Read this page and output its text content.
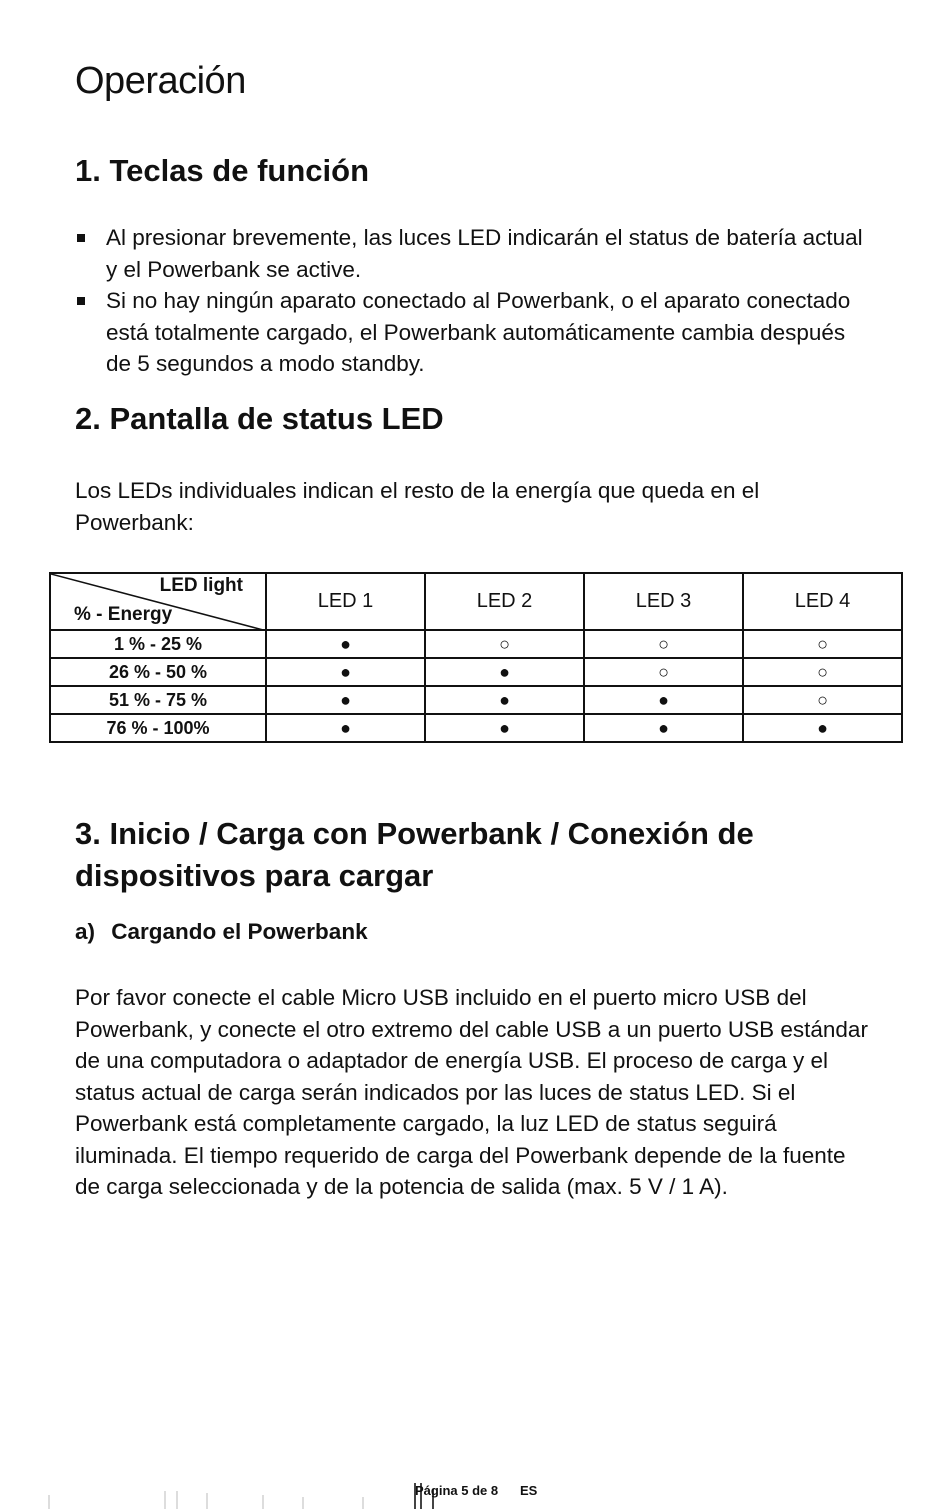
Operación
1. Teclas de función
Al presionar brevemente, las luces LED indicarán el status de batería actual y el Powerbank se active.
Si no hay ningún aparato conectado al Powerbank, o el aparato conectado está totalmente cargado, el Powerbank automáticamente cambia después de 5 segundos a modo standby.
2. Pantalla de status LED

Los LEDs individuales indican el resto de la energía que queda en el Powerbank:

LED light
% - Energy	LED 1	LED 2	LED 3	LED 4
1 % - 25 %	●	○	○	○
26 % - 50 %	●	●	○	○
51 % - 75 %	●	●	●	○
76 % - 100%	●	●	●	●
3. Inicio / Carga con Powerbank / Conexión de dispositivos para cargar

a) Cargando el Powerbank

Por favor conecte el cable Micro USB incluido en el puerto micro USB del Powerbank, y conecte el otro extremo del cable USB a un puerto USB estándar de una computadora o adaptador de energía USB. El proceso de carga y el status actual de carga serán indicados por las luces de status LED. Si el Powerbank está completamente cargado, la luz LED de status seguirá iluminada. El tiempo requerido de carga del Powerbank depende de la fuente de carga seleccionada y de la potencia de salida (max. 5 V / 1 A).

Página 5 de 8 ES
